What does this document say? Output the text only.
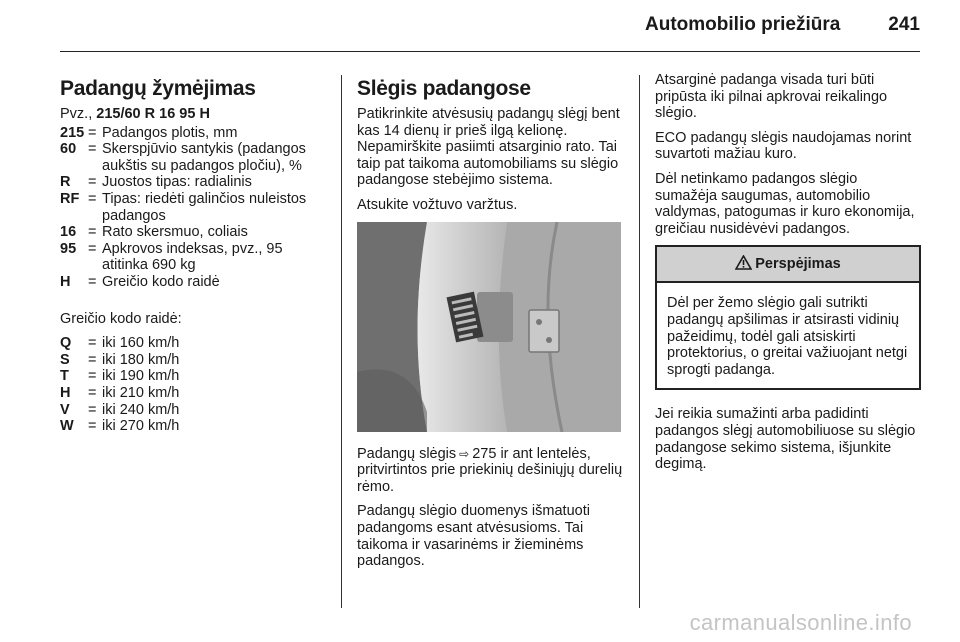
Automobilio priežiūra	241
Padangų žymėjimas

Pvz., 215/60 R 16 95 H

215 = Padangos plotis, mm
60 = Skerspjūvio santykis (padangos aukštis su padangos pločiu), %
R	= Juostos tipas: radialinis
RF = Tipas: riedėti galinčios nuleistos padangos
16 = Rato skersmuo, coliais
95 = Apkrovos indeksas, pvz., 95 atitinka 690 kg
H	= Greičio kodo raidė

Greičio kodo raidė:

Q	= iki 160 km/h
S	= iki 180 km/h
T	= iki 190 km/h
H	= iki 210 km/h
V	= iki 240 km/h
W = iki 270 km/h
Slėgis padangose

Patikrinkite atvėsusių padangų slėgį bent kas 14 dienų ir prieš ilgą kelionę. Nepamirškite pasiimti atsarginio rato. Tai taip pat taikoma automobiliams su slėgio padangose stebėjimo sistema.

Atsukite vožtuvo varžtus.

Padangų slėgis ⇨ 275 ir ant lentelės, pritvirtintos prie priekinių dešiniųjų durelių rėmo.

Padangų slėgio duomenys išmatuoti padangoms esant atvėsusioms. Tai taikoma ir vasarinėms ir žieminėms padangos.

Atsarginė padanga visada turi būti pripūsta iki pilnai apkrovai reikalingo slėgio.

ECO padangų slėgis naudojamas norint suvartoti mažiau kuro.

Dėl netinkamo padangos slėgio sumažėja saugumas, automobilio valdymas, patogumas ir kuro ekonomija, greičiau nusidėvėvi padangos.

Perspėjimas
Dėl per žemo slėgio gali sutrikti padangų apšilimas ir atsirasti vidinių pažeidimų, todėl gali atsiskirti protektorius, o greitai važiuojant netgi sprogti padanga.

Jei reikia sumažinti arba padidinti padangos slėgį automobiliuose su slėgio padangose sekimo sistema, išjunkite degimą.

carmanualsonline.info
